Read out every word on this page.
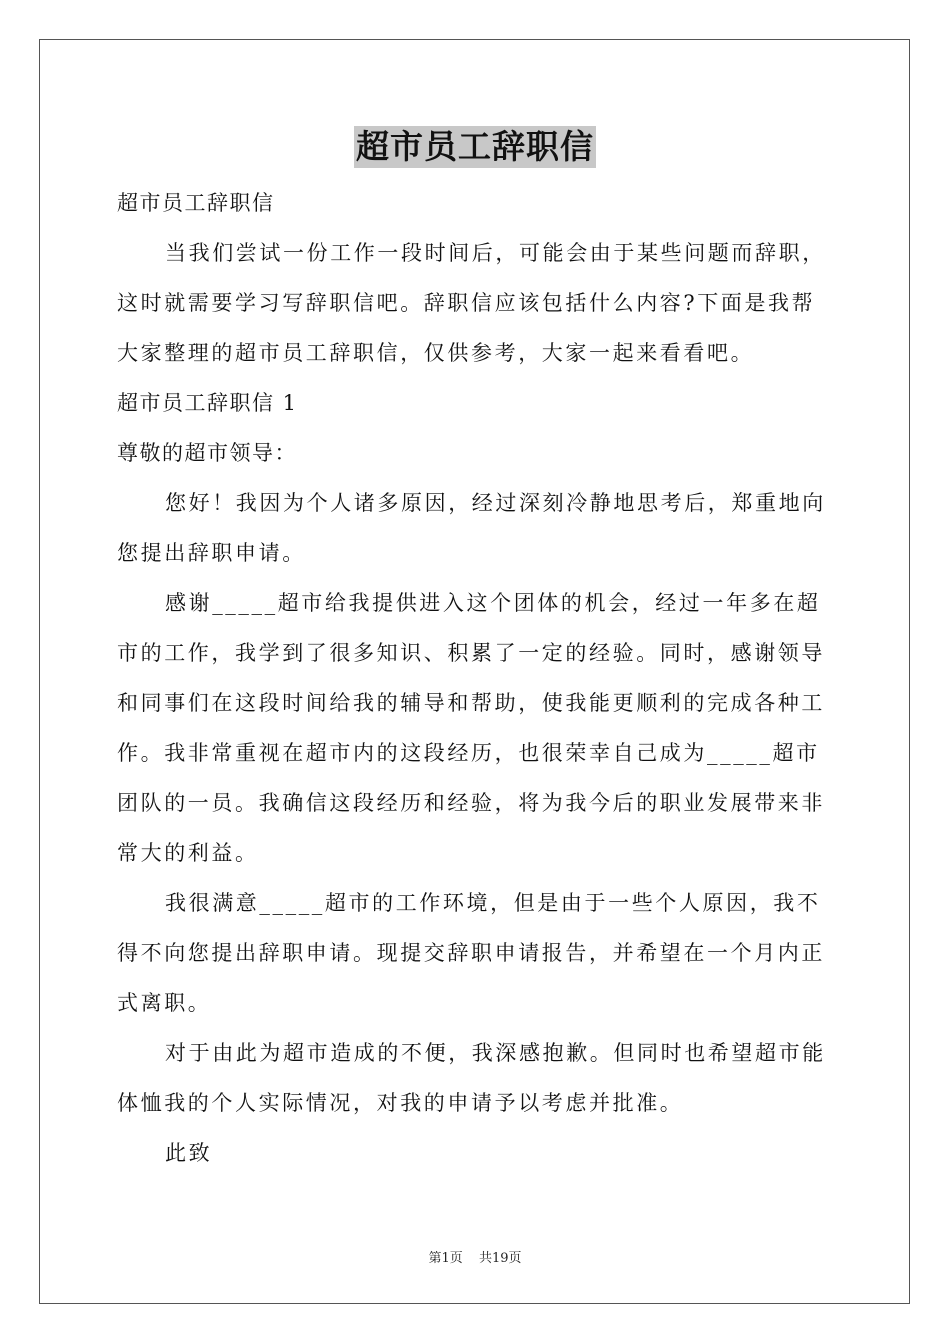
超市员工辞职信

超市员工辞职信

当我们尝试一份工作一段时间后，可能会由于某些问题而辞职，

这时就需要学习写辞职信吧。辞职信应该包括什么内容?下面是我帮

大家整理的超市员工辞职信，仅供参考，大家一起来看看吧。

超市员工辞职信 1

尊敬的超市领导：

您好！我因为个人诸多原因，经过深刻冷静地思考后，郑重地向

您提出辞职申请。

感谢_____超市给我提供进入这个团体的机会，经过一年多在超

市的工作，我学到了很多知识、积累了一定的经验。同时，感谢领导

和同事们在这段时间给我的辅导和帮助，使我能更顺利的完成各种工

作。我非常重视在超市内的这段经历，也很荣幸自己成为_____超市

团队的一员。我确信这段经历和经验，将为我今后的职业发展带来非

常大的利益。

我很满意_____超市的工作环境，但是由于一些个人原因，我不

得不向您提出辞职申请。现提交辞职申请报告，并希望在一个月内正

式离职。

对于由此为超市造成的不便，我深感抱歉。但同时也希望超市能

体恤我的个人实际情况，对我的申请予以考虑并批准。

此致

第1页 共19页
